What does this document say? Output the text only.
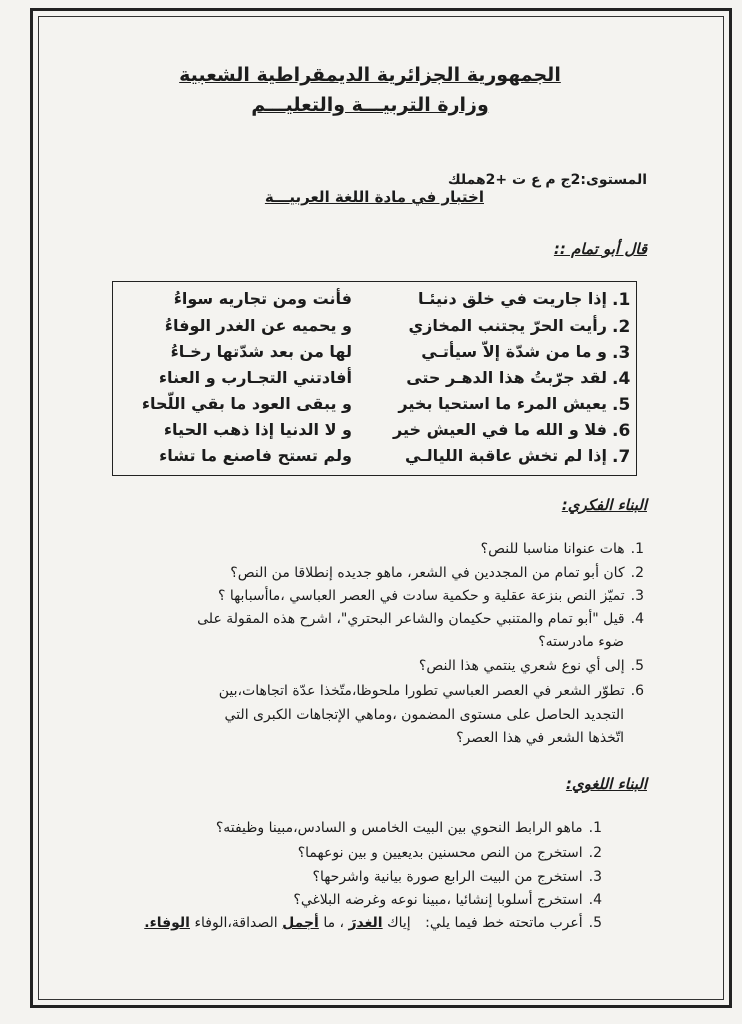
الجمهورية الجزائرية الديمقراطية الشعبية
وزارة التربيـــة والتعليـــم
المستوى:2ج م ع ت +2هملك
اختبار في مادة اللغة العربيـــة
قال أبو تمام ::
1.
إذا جاريت في خلق دنيئـا
فأنت ومن تجاريه سواءُ
2.
رأيت الحرّ يجتنب المخازي
و يحميه عن الغدر الوفاءُ
3.
و ما من شدّة إلاّ سيأتـي
لها من بعد شدّتها رخـاءُ
4.
لقد جرّبتُ هذا الدهـر حتى
أفادتني التجـارب و العناء
5.
يعيش المرء ما استحيا بخير
و يبقى العود ما بقي اللّحاء
6.
فلا و الله ما في العيش خير
و لا الدنيا إذا ذهب الحياء
7.
إذا لم تخش عاقبة الليالـي
ولم تستح فاصنع ما تشاء
البناء الفكري:
1.هات عنوانا مناسبا للنص؟
2.كان أبو تمام من المجددين في الشعر، ماهو جديده إنطلاقا من النص؟
3.تميّز النص بنزعة عقلية و حكمية سادت في العصر العباسي ،ماأسبابها ؟
4.قيل "أبو تمام والمتنبي حكيمان والشاعر البحتري"، اشرح هذه المقولة على
ضوء مادرسته؟
5.إلى أي نوع شعري ينتمي هذا النص؟
6.تطوّر الشعر في العصر العباسي تطورا ملحوظا،متّخذا عدّة اتجاهات،بين
التجديد الحاصل على مستوى المضمون ،وماهي الإتجاهات الكبرى التي
اتّخذها الشعر في هذا العصر؟
البناء اللغوي:
1.ماهو الرابط النحوي بين البيت الخامس و السادس،مبينا وظيفته؟
2.استخرج من النص محسنين بديعيين و بين نوعهما؟
3.استخرج من البيت الرابع صورة بيانية واشرحها؟
4.استخرج أسلوبا إنشائيا ،مبينا نوعه وغرضه البلاغي؟
5.أعرب ماتحته خط فيما يلي: إياك الغدرَ ، ما أجمل الصداقة،الوفاء الوفاء.
